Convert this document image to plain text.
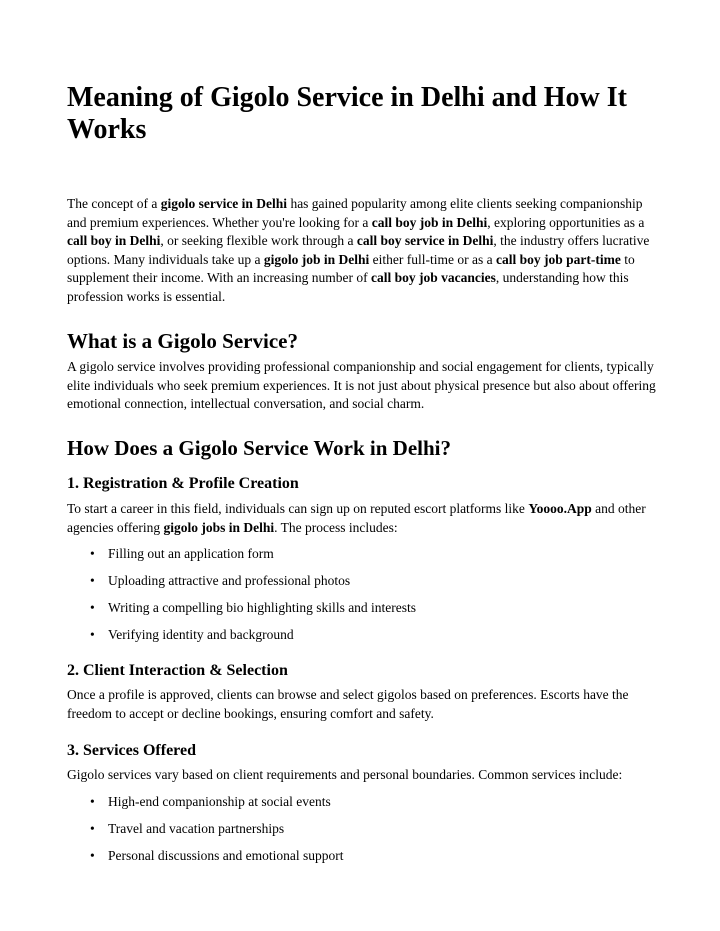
Meaning of Gigolo Service in Delhi and How It Works

The concept of a gigolo service in Delhi has gained popularity among elite clients seeking companionship and premium experiences. Whether you're looking for a call boy job in Delhi, exploring opportunities as a call boy in Delhi, or seeking flexible work through a call boy service in Delhi, the industry offers lucrative options. Many individuals take up a gigolo job in Delhi either full-time or as a call boy job part-time to supplement their income. With an increasing number of call boy job vacancies, understanding how this profession works is essential.

What is a Gigolo Service?

A gigolo service involves providing professional companionship and social engagement for clients, typically elite individuals who seek premium experiences. It is not just about physical presence but also about offering emotional connection, intellectual conversation, and social charm.

How Does a Gigolo Service Work in Delhi?
1. Registration & Profile Creation

To start a career in this field, individuals can sign up on reputed escort platforms like Yoooo.App and other agencies offering gigolo jobs in Delhi. The process includes:

• Filling out an application form
• Uploading attractive and professional photos
• Writing a compelling bio highlighting skills and interests
• Verifying identity and background
2. Client Interaction & Selection

Once a profile is approved, clients can browse and select gigolos based on preferences. Escorts have the freedom to accept or decline bookings, ensuring comfort and safety.

3. Services Offered

Gigolo services vary based on client requirements and personal boundaries. Common services include:

• High-end companionship at social events
• Travel and vacation partnerships
• Personal discussions and emotional support
